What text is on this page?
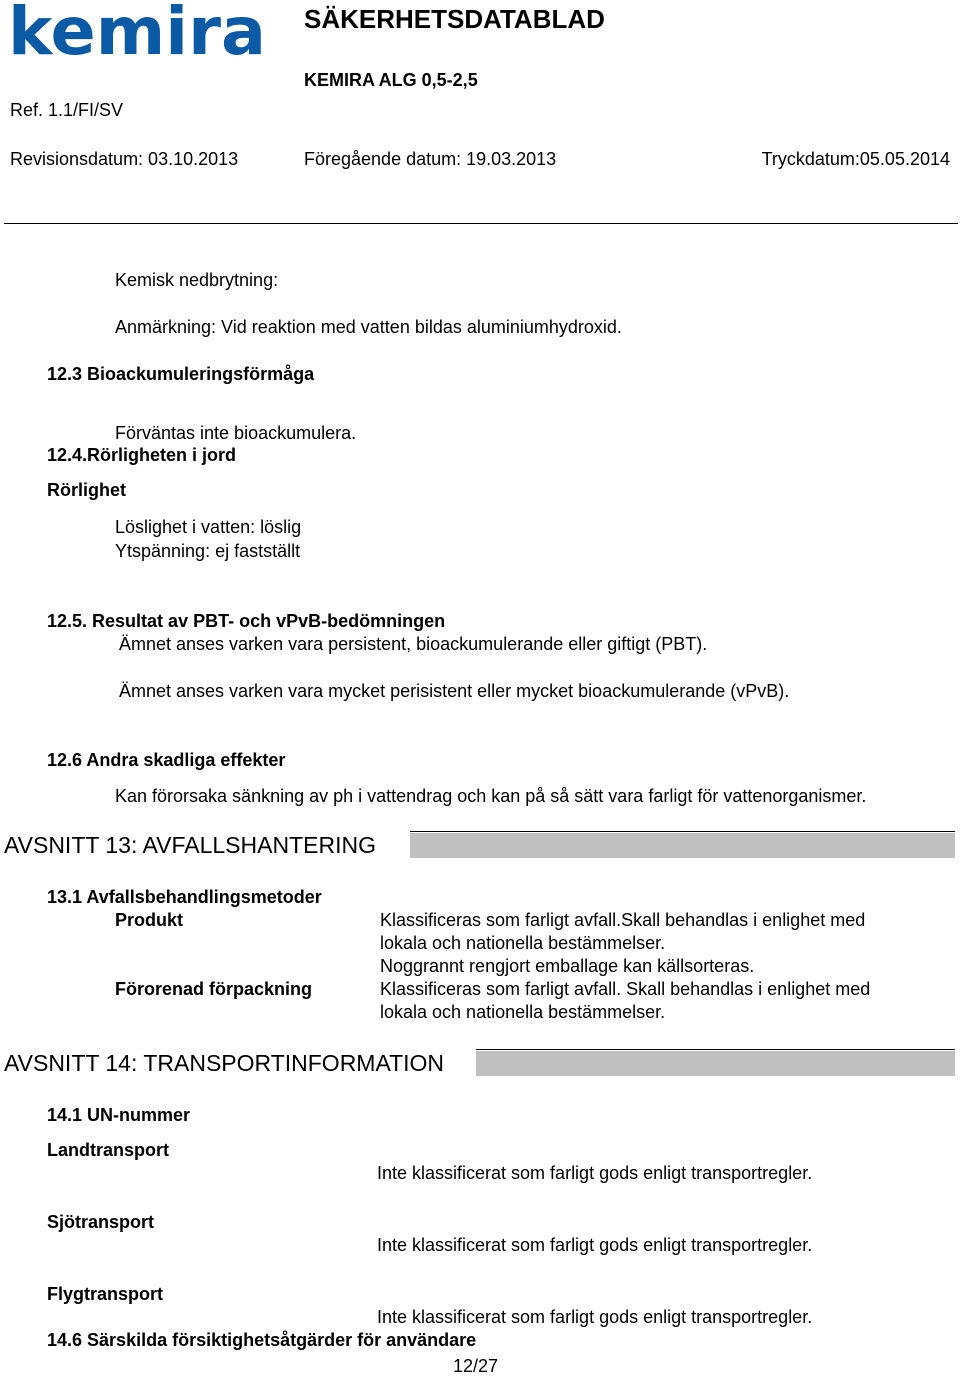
kemira SÄKERHETSDATABLAD
KEMIRA ALG 0,5-2,5
Ref. 1.1/FI/SV
Revisionsdatum: 03.10.2013	Föregående datum: 19.03.2013	Tryckdatum:05.05.2014
Kemisk nedbrytning:
Anmärkning: Vid reaktion med vatten bildas aluminiumhydroxid.
12.3 Bioackumuleringsförmåga
Förväntas inte bioackumulera.
12.4.Rörligheten i jord
Rörlighet
Löslighet i vatten: löslig
Ytspänning: ej fastställt
12.5. Resultat av PBT- och vPvB-bedömningen
Ämnet anses varken vara persistent, bioackumulerande eller giftigt (PBT).
Ämnet anses varken vara mycket perisistent eller mycket bioackumulerande (vPvB).
12.6 Andra skadliga effekter
Kan förorsaka sänkning av ph i vattendrag och kan på så sätt vara farligt för vattenorganismer.
AVSNITT 13: AVFALLSHANTERING
13.1 Avfallsbehandlingsmetoder
Produkt	Klassificeras som farligt avfall.Skall behandlas i enlighet med
lokala och nationella bestämmelser.
Noggrannt rengjort emballage kan källsorteras.
Förorenad förpackning	Klassificeras som farligt avfall. Skall behandlas i enlighet med
lokala och nationella bestämmelser.
AVSNITT 14: TRANSPORTINFORMATION
14.1 UN-nummer
Landtransport
Inte klassificerat som farligt gods enligt transportregler.
Sjötransport
Inte klassificerat som farligt gods enligt transportregler.
Flygtransport
Inte klassificerat som farligt gods enligt transportregler.
14.6 Särskilda försiktighetsåtgärder för användare
12/27
